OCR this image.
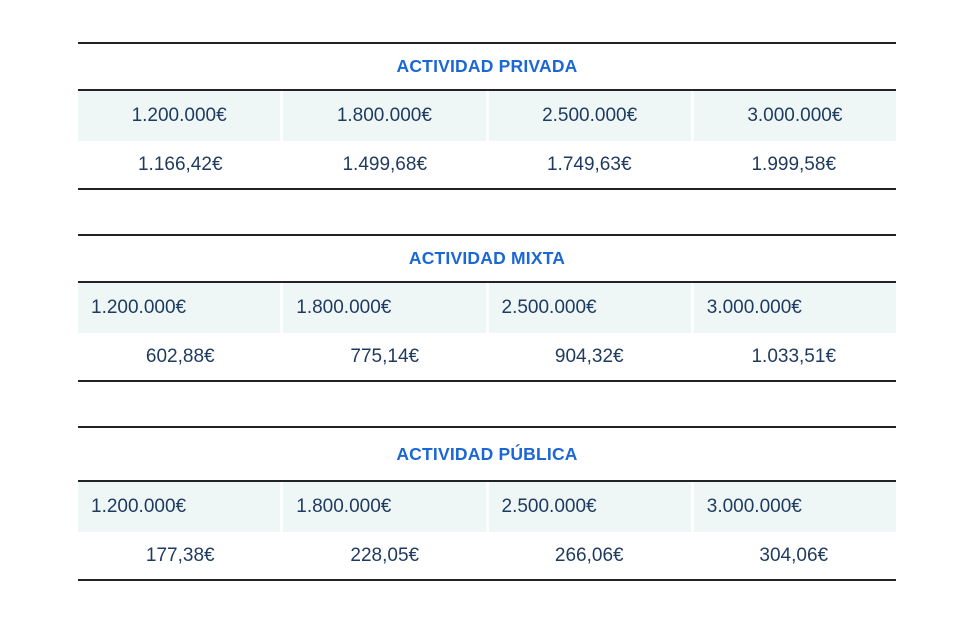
ACTIVIDAD PRIVADA
1.200.000€	1.800.000€	2.500.000€	3.000.000€
1.166,42€	1.499,68€	1.749,63€	1.999,58€
ACTIVIDAD MIXTA
1.200.000€	1.800.000€	2.500.000€	3.000.000€
602,88€	775,14€	904,32€	1.033,51€
ACTIVIDAD PÚBLICA
1.200.000€	1.800.000€	2.500.000€	3.000.000€
177,38€	228,05€	266,06€	304,06€
